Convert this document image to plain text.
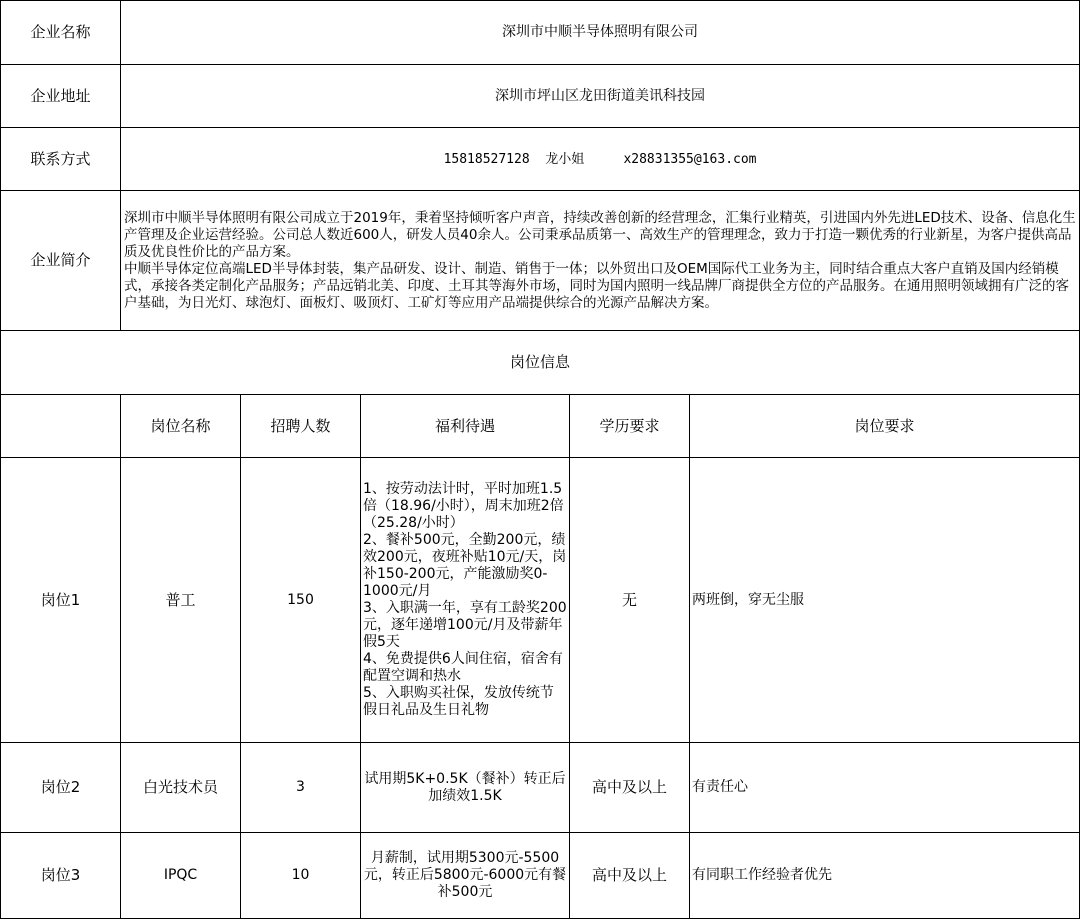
企业名称	深圳市中顺半导体照明有限公司				
企业地址	深圳市坪山区龙田街道美讯科技园				
联系方式	15818527128  龙小姐     x28831355@163.com				
企业简介	深圳市中顺半导体照明有限公司成立于2019年，秉着坚持倾听客户声音，持续改善创新的经营理念，汇集行业精英，引进国内外先进LED技术、设备、信息化生产管理及企业运营经验。公司总人数近600人，研发人员40余人。公司秉承品质第一、高效生产的管理理念，致力于打造一颗优秀的行业新星，为客户提供高品质及优良性价比的产品方案。
中顺半导体定位高端LED半导体封装，集产品研发、设计、制造、销售于一体；以外贸出口及OEM国际代工业务为主，同时结合重点大客户直销及国内经销模式，承接各类定制化产品服务；产品远销北美、印度、土耳其等海外市场，同时为国内照明一线品牌厂商提供全方位的产品服务。在通用照明领域拥有广泛的客户基础，为日光灯、球泡灯、面板灯、吸顶灯、工矿灯等应用产品端提供综合的光源产品解决方案。				
岗位信息					
	岗位名称	招聘人数	福利待遇	学历要求	岗位要求
岗位1	普工	150	1、按劳动法计时，平时加班1.5倍（18.96/小时），周末加班2倍（25.28/小时）
2、餐补500元，全勤200元，绩效200元，夜班补贴10元/天，岗补150-200元，产能激励奖0-1000元/月
3、入职满一年，享有工龄奖200元，逐年递增100元/月及带薪年假5天
4、免费提供6人间住宿，宿舍有配置空调和热水
5、入职购买社保，发放传统节假日礼品及生日礼物	无	两班倒，穿无尘服
岗位2	白光技术员	3	试用期5K+0.5K（餐补）转正后加绩效1.5K	高中及以上	有责任心
岗位3	IPQC	10	月薪制，试用期5300元-5500元，转正后5800元-6000元有餐补500元	高中及以上	有同职工作经验者优先
